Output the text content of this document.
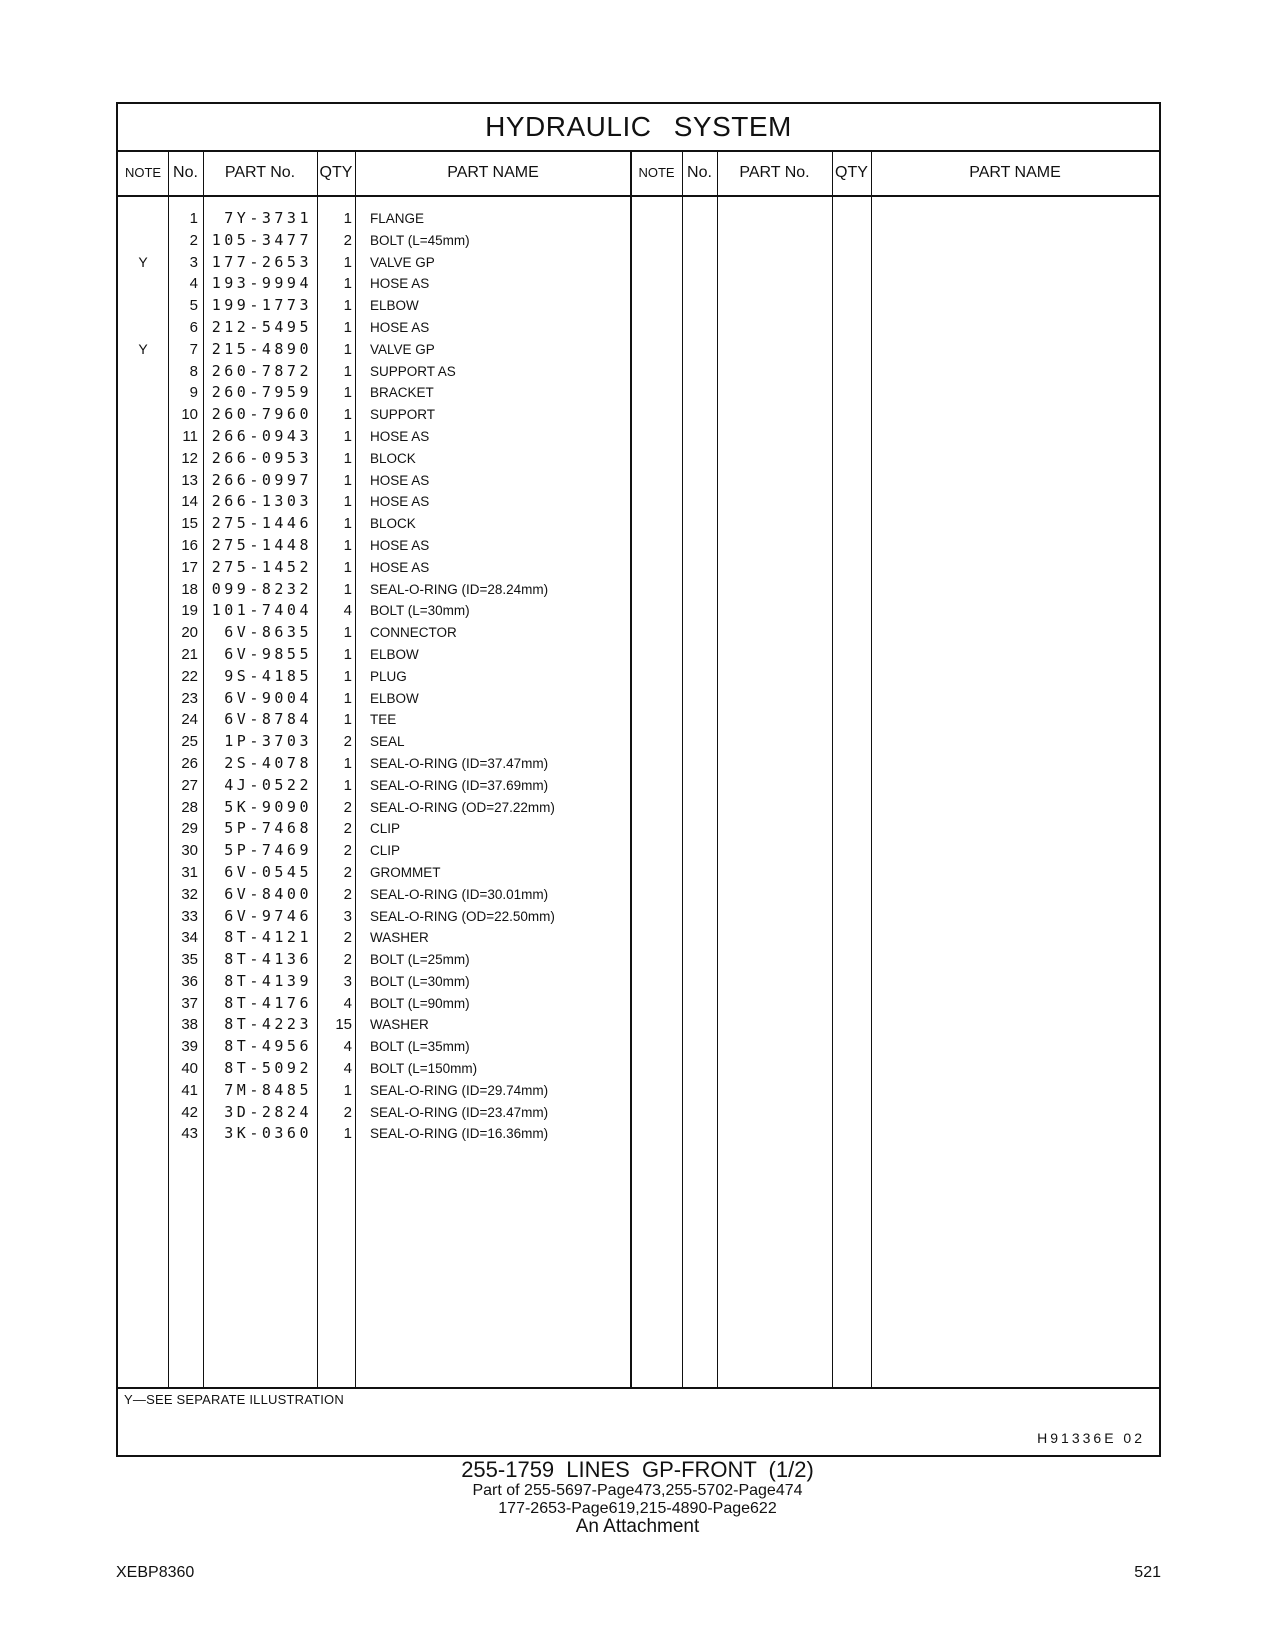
HYDRAULIC SYSTEM
NOTE No.	PART No.	QTY	PART NAME	NOTE No.	PART No.	QTY	PART NAME
1	7Y-3731	1 FLANGE
2 105-3477	2 BOLT (L=45mm)
Y	3 177-2653	1 VALVE GP
4 193-9994	1 HOSE AS
5 199-1773	1 ELBOW
6 212-5495	1 HOSE AS
Y	7 215-4890	1 VALVE GP
8 260-7872	1 SUPPORT AS
9 260-7959	1 BRACKET
10 260-7960	1 SUPPORT
11 266-0943	1 HOSE AS
12 266-0953	1 BLOCK
13 266-0997	1 HOSE AS
14 266-1303	1 HOSE AS
15 275-1446	1 BLOCK
16 275-1448	1 HOSE AS
17 275-1452	1 HOSE AS
18 099-8232	1 SEAL-O-RING (ID=28.24mm)
19 101-7404	4 BOLT (L=30mm)
20	6V-8635	1 CONNECTOR
21	6V-9855	1 ELBOW
22	9S-4185	1 PLUG
23	6V-9004	1 ELBOW
24	6V-8784	1 TEE
25	1P-3703	2 SEAL
26	2S-4078	1 SEAL-O-RING (ID=37.47mm)
27	4J-0522	1 SEAL-O-RING (ID=37.69mm)
28	5K-9090	2 SEAL-O-RING (OD=27.22mm)
29	5P-7468	2 CLIP
30	5P-7469	2 CLIP
31	6V-0545	2 GROMMET
32	6V-8400	2 SEAL-O-RING (ID=30.01mm)
33	6V-9746	3 SEAL-O-RING (OD=22.50mm)
34	8T-4121	2 WASHER
35	8T-4136	2 BOLT (L=25mm)
36	8T-4139	3 BOLT (L=30mm)
37	8T-4176	4 BOLT (L=90mm)
38	8T-4223	15 WASHER
39	8T-4956	4 BOLT (L=35mm)
40	8T-5092	4 BOLT (L=150mm)
41	7M-8485	1 SEAL-O-RING (ID=29.74mm)
42	3D-2824	2 SEAL-O-RING (ID=23.47mm)
43	3K-0360	1 SEAL-O-RING (ID=16.36mm)
Y—SEE SEPARATE ILLUSTRATION
H91336E 02
255-1759 LINES GP-FRONT (1/2)
Part of 255-5697-Page473,255-5702-Page474
177-2653-Page619,215-4890-Page622
An Attachment
XEBP8360	521
